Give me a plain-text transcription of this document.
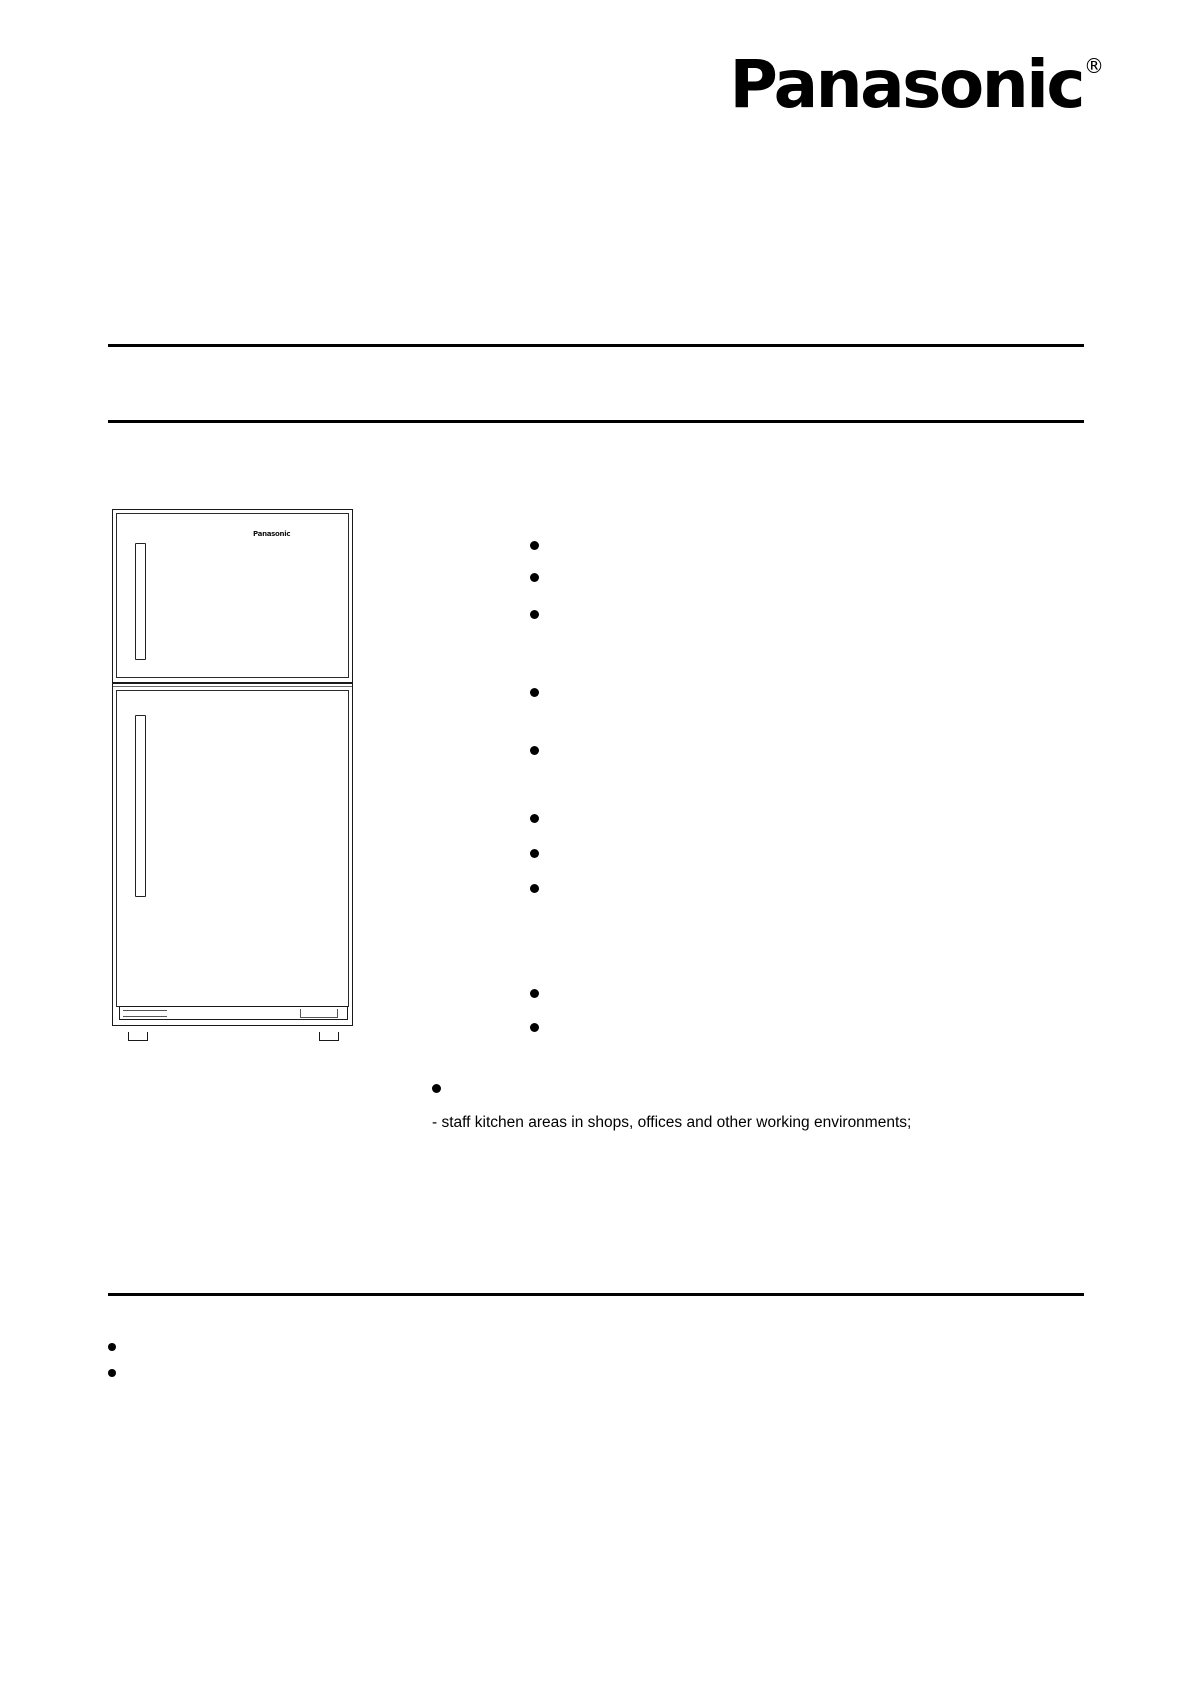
Panasonic ®
Panasonic
- staff kitchen areas in shops, offices and other working environments;
